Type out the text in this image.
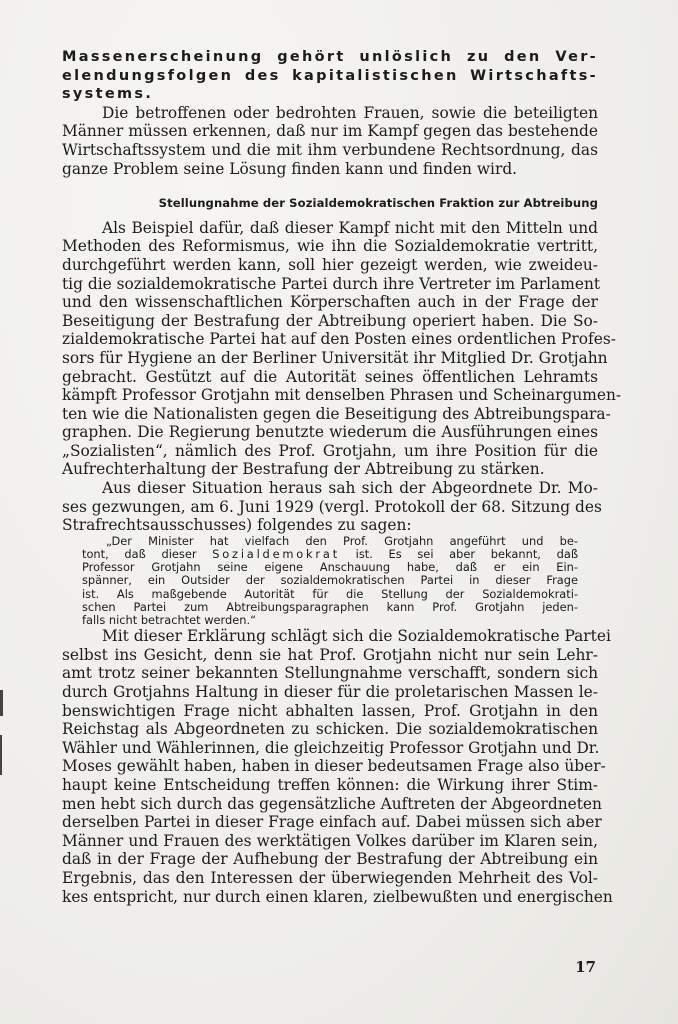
Massenerscheinung gehört unlöslich zu den Ver-
elendungsfolgen des kapitalistischen Wirtschafts-
systems.
Die betroffenen oder bedrohten Frauen, sowie die beteiligten
Männer müssen erkennen, daß nur im Kampf gegen das bestehende
Wirtschaftssystem und die mit ihm verbundene Rechtsordnung, das
ganze Problem seine Lösung finden kann und finden wird.
Stellungnahme der Sozialdemokratischen Fraktion zur Abtreibung
Als Beispiel dafür, daß dieser Kampf nicht mit den Mitteln und
Methoden des Reformismus, wie ihn die Sozialdemokratie vertritt,
durchgeführt werden kann, soll hier gezeigt werden, wie zweideu-
tig die sozialdemokratische Partei durch ihre Vertreter im Parlament
und den wissenschaftlichen Körperschaften auch in der Frage der
Beseitigung der Bestrafung der Abtreibung operiert haben. Die So-
zialdemokratische Partei hat auf den Posten eines ordentlichen Profes-
sors für Hygiene an der Berliner Universität ihr Mitglied Dr. Grotjahn
gebracht. Gestützt auf die Autorität seines öffentlichen Lehramts
kämpft Professor Grotjahn mit denselben Phrasen und Scheinargumen-
ten wie die Nationalisten gegen die Beseitigung des Abtreibungspara-
graphen. Die Regierung benutzte wiederum die Ausführungen eines
„Sozialisten“, nämlich des Prof. Grotjahn, um ihre Position für die
Aufrechterhaltung der Bestrafung der Abtreibung zu stärken.
Aus dieser Situation heraus sah sich der Abgeordnete Dr. Mo-
ses gezwungen, am 6. Juni 1929 (vergl. Protokoll der 68. Sitzung des
Strafrechtsausschusses) folgendes zu sagen:
„Der Minister hat vielfach den Prof. Grotjahn angeführt und be-
tont, daß dieser Sozialdemokrat ist. Es sei aber bekannt, daß
Professor Grotjahn seine eigene Anschauung habe, daß er ein Ein-
spänner, ein Outsider der sozialdemokratischen Partei in dieser Frage
ist. Als maßgebende Autorität für die Stellung der Sozialdemokrati-
schen Partei zum Abtreibungsparagraphen kann Prof. Grotjahn jeden-
falls nicht betrachtet werden.“
Mit dieser Erklärung schlägt sich die Sozialdemokratische Partei
selbst ins Gesicht, denn sie hat Prof. Grotjahn nicht nur sein Lehr-
amt trotz seiner bekannten Stellungnahme verschafft, sondern sich
durch Grotjahns Haltung in dieser für die proletarischen Massen le-
benswichtigen Frage nicht abhalten lassen, Prof. Grotjahn in den
Reichstag als Abgeordneten zu schicken. Die sozialdemokratischen
Wähler und Wählerinnen, die gleichzeitig Professor Grotjahn und Dr.
Moses gewählt haben, haben in dieser bedeutsamen Frage also über-
haupt keine Entscheidung treffen können: die Wirkung ihrer Stim-
men hebt sich durch das gegensätzliche Auftreten der Abgeordneten
derselben Partei in dieser Frage einfach auf. Dabei müssen sich aber
Männer und Frauen des werktätigen Volkes darüber im Klaren sein,
daß in der Frage der Aufhebung der Bestrafung der Abtreibung ein
Ergebnis, das den Interessen der überwiegenden Mehrheit des Vol-
kes entspricht, nur durch einen klaren, zielbewußten und energischen
17
